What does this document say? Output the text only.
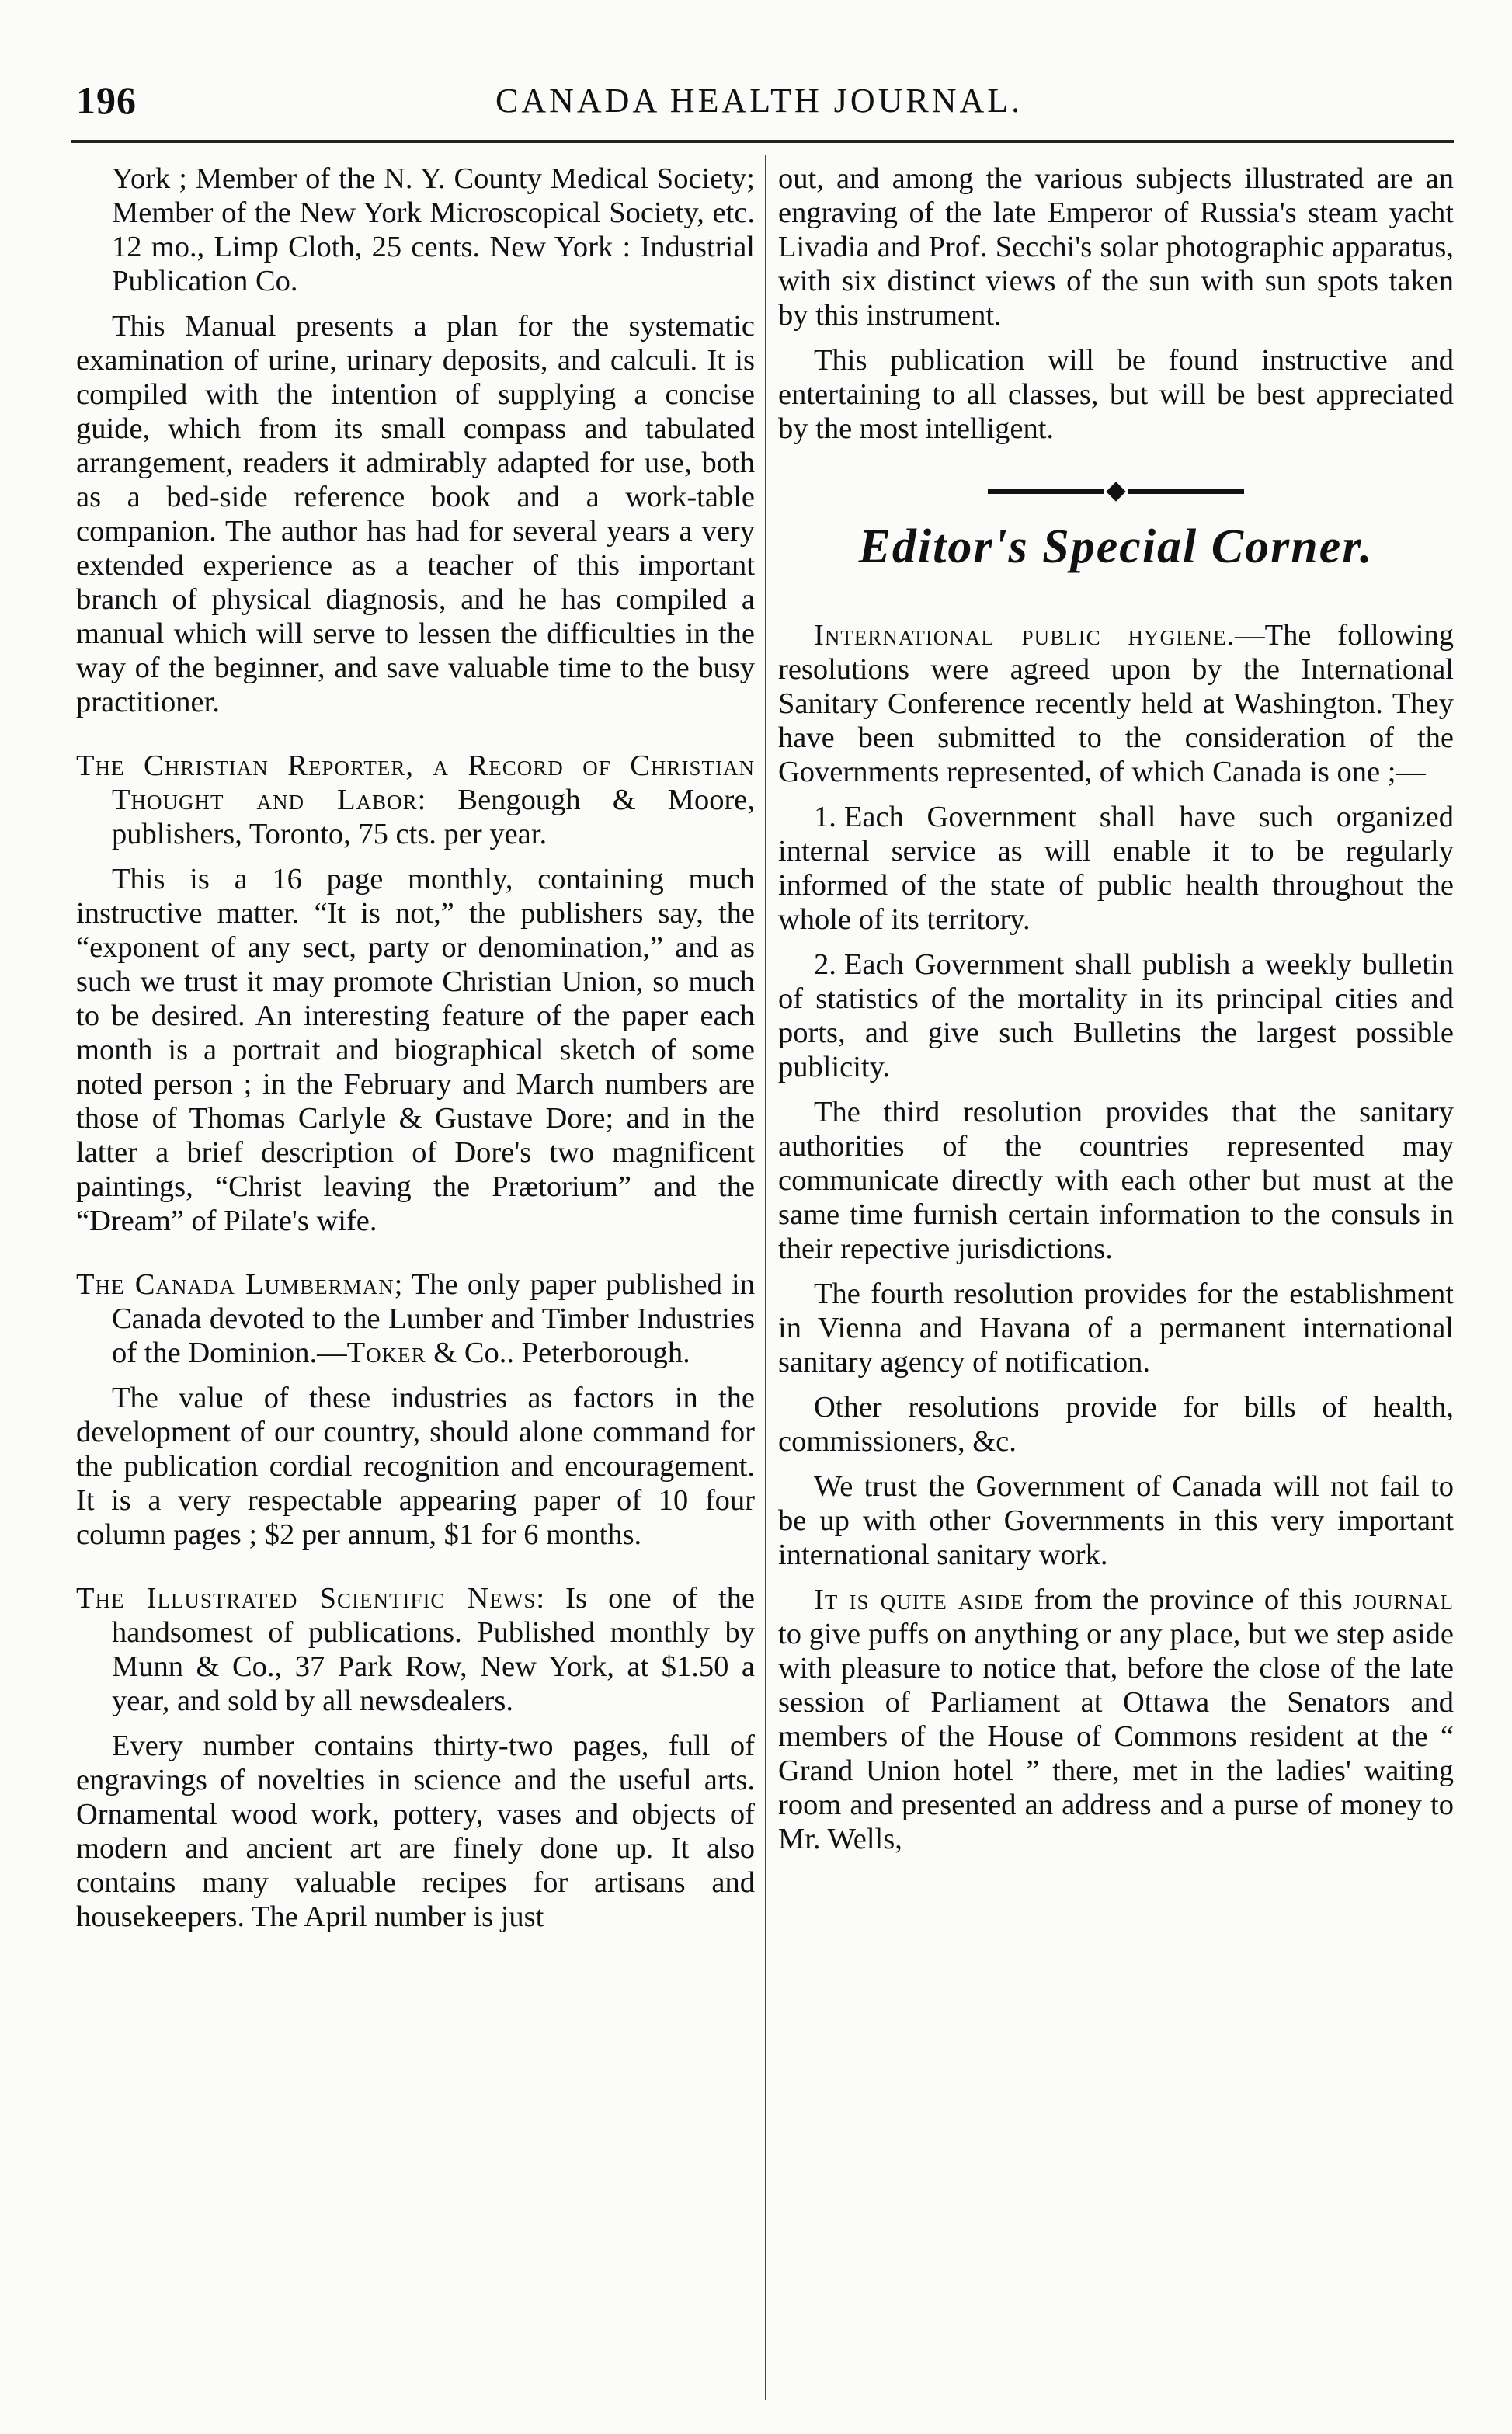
196	CANADA HEALTH JOURNAL.

York ; Member of the N. Y. County Medical Society; Member of the New York Microscopical Society, etc. 12 mo., Limp Cloth, 25 cents. New York : Industrial Publication Co.

This Manual presents a plan for the systematic examination of urine, urinary deposits, and calculi. It is compiled with the intention of supplying a concise guide, which from its small compass and tabulated arrangement, readers it admirably adapted for use, both as a bed-side reference book and a work-table companion. The author has had for several years a very extended experience as a teacher of this important branch of physical diagnosis, and he has compiled a manual which will serve to lessen the difficulties in the way of the beginner, and save valuable time to the busy practitioner.

The Christian Reporter, a Record of Christian Thought and Labor: Bengough & Moore, publishers, Toronto, 75 cts. per year.

This is a 16 page monthly, containing much instructive matter. “It is not,” the publishers say, the “exponent of any sect, party or denomination,” and as such we trust it may promote Christian Union, so much to be desired. An interesting feature of the paper each month is a portrait and biographical sketch of some noted person ; in the February and March numbers are those of Thomas Carlyle & Gustave Dore; and in the latter a brief description of Dore's two magnificent paintings, “Christ leaving the Prætorium” and the “Dream” of Pilate's wife.

The Canada Lumberman; The only paper published in Canada devoted to the Lumber and Timber Industries of the Dominion.—Toker & Co.. Peterborough.

The value of these industries as factors in the development of our country, should alone command for the publication cordial recognition and encouragement. It is a very respectable appearing paper of 10 four column pages ; $2 per annum, $1 for 6 months.

The Illustrated Scientific News: Is one of the handsomest of publications. Published monthly by Munn & Co., 37 Park Row, New York, at $1.50 a year, and sold by all newsdealers.

Every number contains thirty-two pages, full of engravings of novelties in science and the useful arts. Ornamental wood work, pottery, vases and objects of modern and ancient art are finely done up. It also contains many valuable recipes for artisans and housekeepers. The April number is just

out, and among the various subjects illustrated are an engraving of the late Emperor of Russia's steam yacht Livadia and Prof. Secchi's solar photographic apparatus, with six distinct views of the sun with sun spots taken by this instrument.

This publication will be found instructive and entertaining to all classes, but will be best appreciated by the most intelligent.

Editor's Special Corner.

International public hygiene.—The following resolutions were agreed upon by the International Sanitary Conference recently held at Washington. They have been submitted to the consideration of the Governments represented, of which Canada is one ;—

1. Each Government shall have such organized internal service as will enable it to be regularly informed of the state of public health throughout the whole of its territory.

2. Each Government shall publish a weekly bulletin of statistics of the mortality in its principal cities and ports, and give such Bulletins the largest possible publicity.

The third resolution provides that the sanitary authorities of the countries represented may communicate directly with each other but must at the same time furnish certain information to the consuls in their repective jurisdictions.

The fourth resolution provides for the establishment in Vienna and Havana of a permanent international sanitary agency of notification.

Other resolutions provide for bills of health, commissioners, &c.

We trust the Government of Canada will not fail to be up with other Governments in this very important international sanitary work.

It is quite aside from the province of this journal to give puffs on anything or any place, but we step aside with pleasure to notice that, before the close of the late session of Parliament at Ottawa the Senators and members of the House of Commons resident at the “ Grand Union hotel ” there, met in the ladies' waiting room and presented an address and a purse of money to Mr. Wells,
